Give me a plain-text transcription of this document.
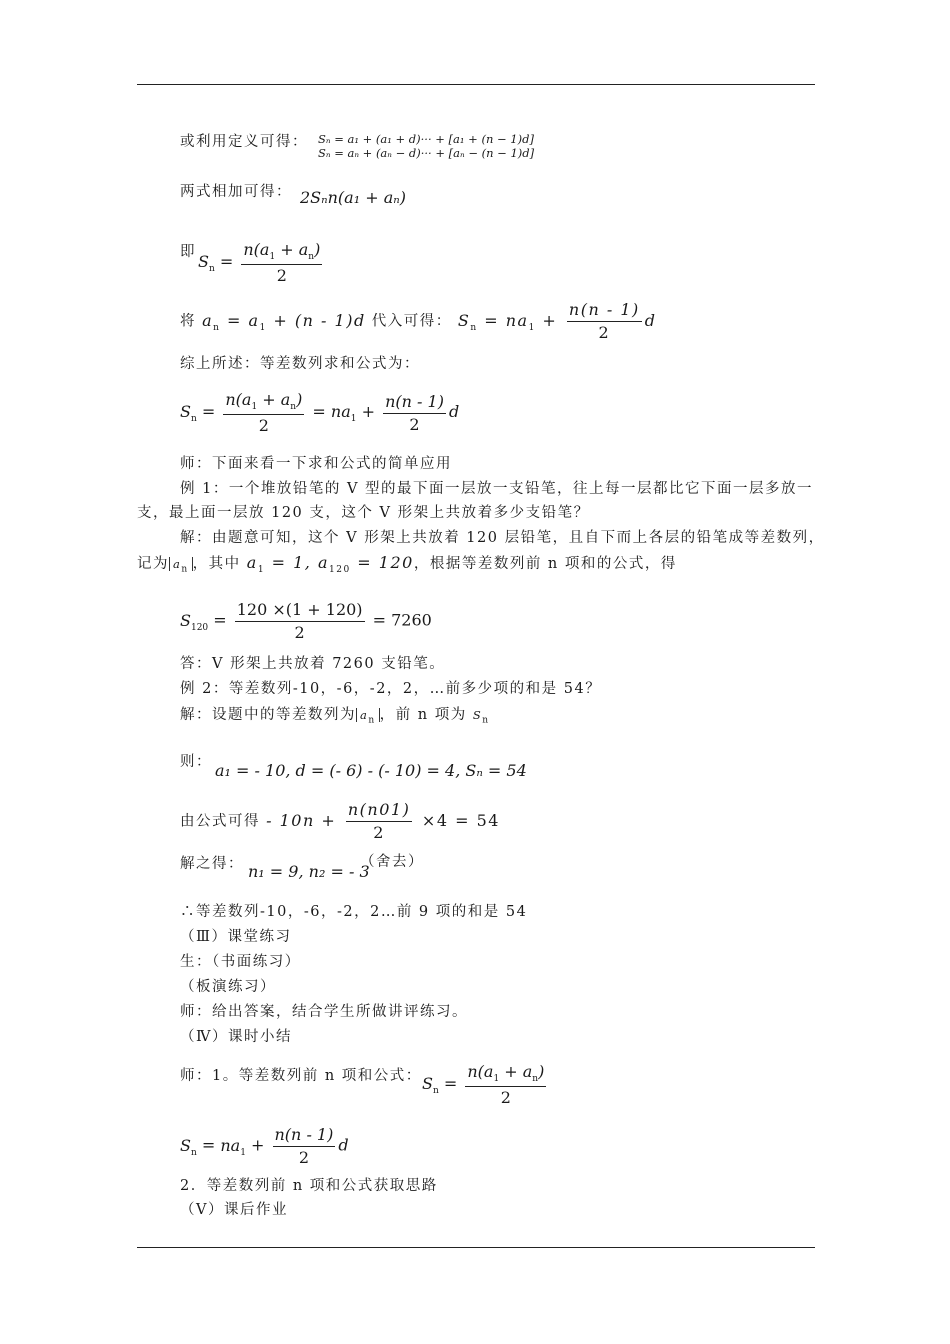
或利用定义可得： Sₙ = a₁ + (a₁ + d)··· + [a₁ + (n − 1)d]
Sₙ = aₙ + (aₙ − d)··· + [aₙ − (n − 1)d]
两式相加可得： 2Sₙn(a₁ + aₙ)
即
$S_n = \frac{n(a_1 + a_n)}{2}$
将 $a_n = a_1 + (n - 1)d$ 代入可得： $S_n = na_1 + \frac{n(n - 1)}{2}$ d
综上所述：等差数列求和公式为：
$S_n = \frac{n(a_1 + a_n)}{2} = na_1 + \frac{n(n - 1)}{2}$ d
师：下面来看一下求和公式的简单应用
例 1：一个堆放铅笔的 V 型的最下面一层放一支铅笔，往上每一层都比它下面一层多放一
支，最上面一层放 120 支，这个 V 形架上共放着多少支铅笔？
解：由题意可知，这个 V 形架上共放着 120 层铅笔，且自下而上各层的铅笔成等差数列，
记为 $a_n$ ，其中 $a_1 = 1$, $a_{120} = 120$，根据等差数列前 n 项和的公式，得
$S_{120} = \frac{120 \times(1 + 120)}{2} = 7260$
答：V 形架上共放着 7260 支铅笔。
例 2：等差数列-10，-6，-2，2，…前多少项的和是 54？
解：设题中的等差数列为 $a_n$ ，前 n 项为 $S_n$
则： a₁ = - 10, d = (- 6) - (- 10) = 4, Sₙ = 54
由公式可得 - $10n + \frac{n(n01)}{2} \times 4 = 54$
解之得： n₁ = 9, n₂ = - 3
（舍去）
∴等差数列-10，-6，-2，2…前 9 项的和是 54
（Ⅲ）课堂练习
生：（书面练习）
（板演练习）
师：给出答案，结合学生所做讲评练习。
（Ⅳ）课时小结
师：1。等差数列前 n 项和公式： $S_n = \frac{n(a_1 + a_n)}{2}$
$S_n = na_1 + \frac{n(n - 1)}{2}$ d
2．等差数列前 n 项和公式获取思路
（Ⅴ）课后作业
